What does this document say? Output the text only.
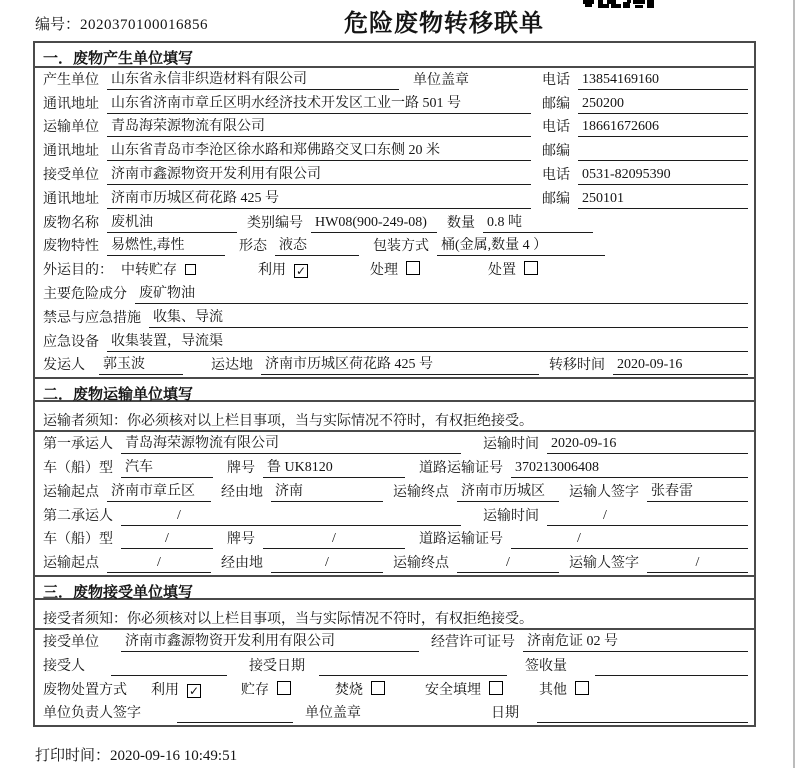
编号：2020370100016856	危险废物转移联单
一．废物产生单位填写
产生单位 山东省永信非织造材料有限公司	单位盖章	电话 13854169160
通讯地址 山东省济南市章丘区明水经济技术开发区工业一路 501 号	邮编 250200
运输单位 青岛海荣源物流有限公司	电话 18661672606
通讯地址 山东省青岛市李沧区徐水路和郑佛路交叉口东侧 20 米	邮编
接受单位 济南市鑫源物资开发利用有限公司	电话 0531-82095390
通讯地址 济南市历城区荷花路 425 号	邮编 250101
废物名称 废机油	类别编号 HW08(900-249-08)	数量 0.8 吨
废物特性 易燃性,毒性	形态 液态	包装方式 桶(金属,数量 4 ）
外运目的： 中转贮存	利用 ✓	处理	处置
主要危险成分 废矿物油
禁忌与应急措施 收集、导流
应急设备 收集装置，导流渠
发运人 郭玉波	运达地 济南市历城区荷花路 425 号	转移时间 2020-09-16
二．废物运输单位填写
运输者须知：你必须核对以上栏目事项，当与实际情况不符时，有权拒绝接受。
第一承运人 青岛海荣源物流有限公司	运输时间 2020-09-16
车（船）型 汽车	牌号 鲁 UK8120	道路运输证号 370213006408
运输起点 济南市章丘区	经由地 济南	运输终点 济南市历城区	运输人签字 张春雷
第二承运人	/	运输时间	/
车（船）型	/	牌号	/	道路运输证号	/
运输起点	/	经由地	/	运输终点	/	运输人签字	/
三．废物接受单位填写
接受者须知：你必须核对以上栏目事项，当与实际情况不符时，有权拒绝接受。
接受单位 济南市鑫源物资开发利用有限公司	经营许可证号 济南危证 02 号
接受人	接受日期	签收量
废物处置方式 利用 ✓	贮存	焚烧	安全填埋	其他
单位负责人签字	单位盖章	日期
打印时间：2020-09-16 10:49:51
